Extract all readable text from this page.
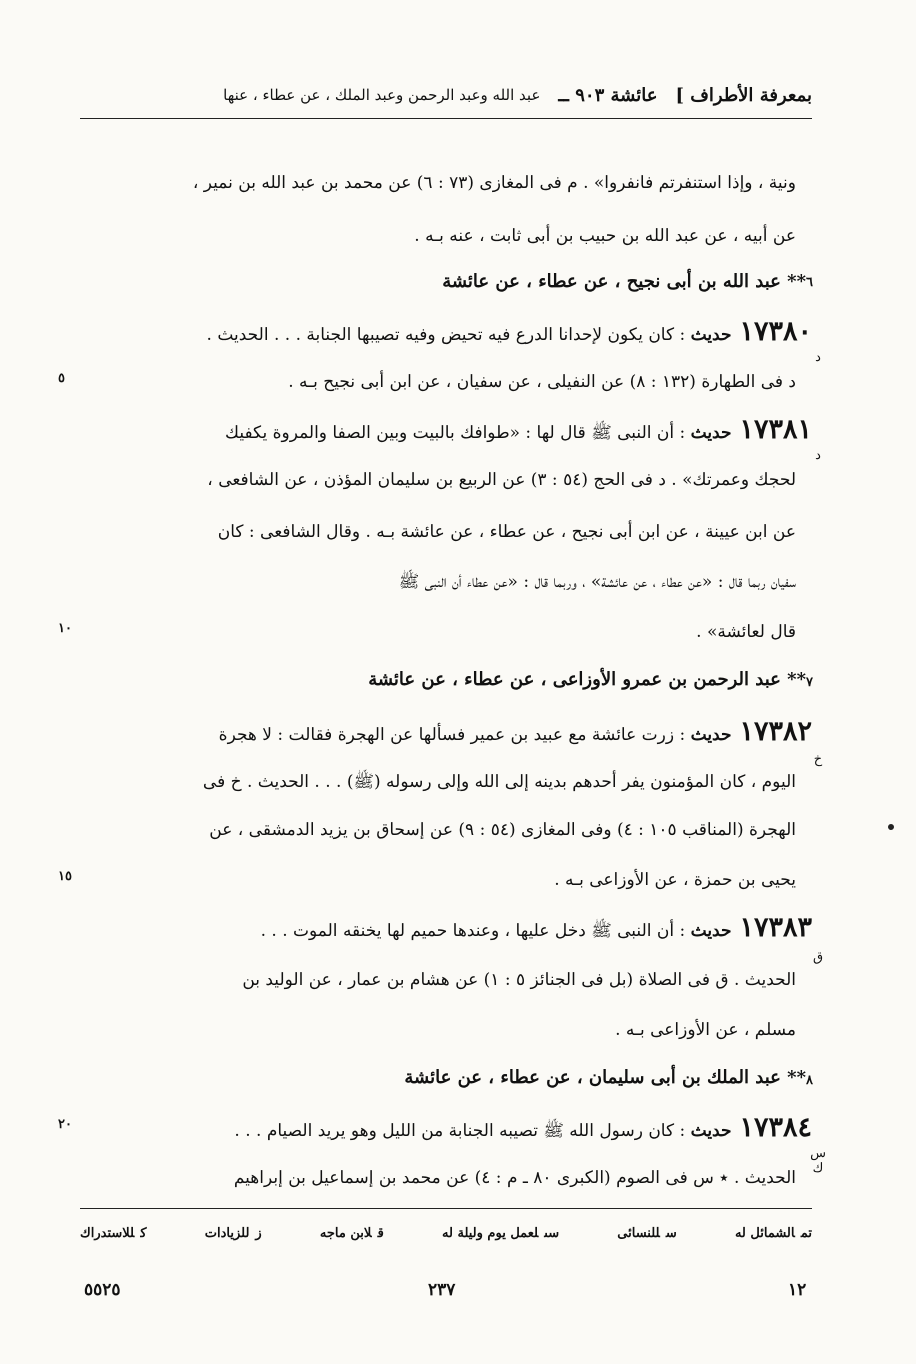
بمعرفة الأطراف ]
عائشة ٩٠٣ ــ
عبد الله وعبد الرحمن وعبد الملك ، عن عطاء ، عنها
ونية ، وإذا استنفرتم فانفروا» . م فى المغازى (٧٣ : ٦) عن محمد بن عبد الله بن نمير ،
عن أبيه ، عن عبد الله بن حبيب بن أبى ثابت ، عنه بـه .
** عبد الله بن أبى نجيح ، عن عطاء ، عن عائشة
١٧٣٨٠حديث : كان يكون لإحدانا الدرع فيه تحيض وفيه تصيبها الجنابة . . . الحديث .
د فى الطهارة (١٣٢ : ٨) عن النفيلى ، عن سفيان ، عن ابن أبى نجيح بـه .
١٧٣٨١حديث : أن النبى ﷺ قال لها : «طوافك بالبيت وبين الصفا والمروة يكفيك
لحجك وعمرتك» . د فى الحج (٥٤ : ٣) عن الربيع بن سليمان المؤذن ، عن الشافعى ،
عن ابن عيينة ، عن ابن أبى نجيح ، عن عطاء ، عن عائشة بـه . وقال الشافعى : كان
سفيان ربما قال : «عن عطاء ، عن عائشة» ، وربما قال : «عن عطاء أن النبى ﷺ
قال لعائشة» .
** عبد الرحمن بن عمرو الأوزاعى ، عن عطاء ، عن عائشة
١٧٣٨٢حديث : زرت عائشة مع عبيد بن عمير فسألها عن الهجرة فقالت : لا هجرة
اليوم ، كان المؤمنون يفر أحدهم بدينه إلى الله وإلى رسوله (ﷺ) . . . الحديث . خ فى
الهجرة (المناقب ١٠٥ : ٤) وفى المغازى (٥٤ : ٩) عن إسحاق بن يزيد الدمشقى ، عن
يحيى بن حمزة ، عن الأوزاعى بـه .
١٧٣٨٣حديث : أن النبى ﷺ دخل عليها ، وعندها حميم لها يخنقه الموت . . .
الحديث . ق فى الصلاة (بل فى الجنائز ٥ : ١) عن هشام بن عمار ، عن الوليد بن
مسلم ، عن الأوزاعى بـه .
** عبد الملك بن أبى سليمان ، عن عطاء ، عن عائشة
١٧٣٨٤حديث : كان رسول الله ﷺ تصيبه الجنابة من الليل وهو يريد الصيام . . .
الحديث . ٭ س فى الصوم (الكبرى ٨٠ ـ م : ٤) عن محمد بن إسماعيل بن إبراهيم
٦
٧
٨
٥
١٠
١٥
٢٠
د
د
خ
ق
س ك
تمالشمائل له
سللنسائى
سىلعمل يوم وليلة له
قلابن ماجه
زللزيادات
كللاستدراك
١٢
٢٣٧
٥٥٢٥
